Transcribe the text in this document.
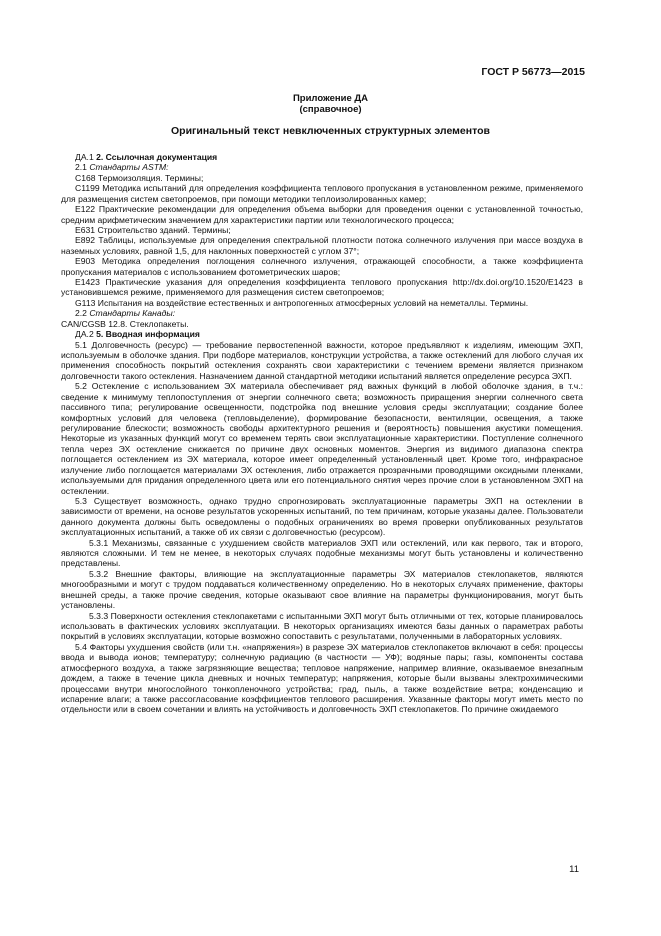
ГОСТ Р 56773—2015
Приложение ДА
(справочное)
Оригинальный текст невключенных структурных элементов

ДА.1 2. Ссылочная документация

2.1 Стандарты ASTM:

C168 Термоизоляция. Термины;

C1199 Методика испытаний для определения коэффициента теплового пропускания в установленном режиме, применяемого для размещения систем светопроемов, при помощи методики теплоизолированных камер;

E122 Практические рекомендации для определения объема выборки для проведения оценки с установленной точностью, средним арифметическим значением для характеристики партии или технологического процесса;

E631 Строительство зданий. Термины;

E892 Таблицы, используемые для определения спектральной плотности потока солнечного излучения при массе воздуха в наземных условиях, равной 1,5, для наклонных поверхностей с углом 37°;

E903 Методика определения поглощения солнечного излучения, отражающей способности, а также коэффициента пропускания материалов с использованием фотометрических шаров;

E1423 Практические указания для определения коэффициента теплового пропускания http://dx.doi.org/10.1520/E1423 в установившемся режиме, применяемого для размещения систем светопроемов;

G113 Испытания на воздействие естественных и антропогенных атмосферных условий на неметаллы. Термины.

2.2 Стандарты Канады:

CAN/CGSB 12.8. Стеклопакеты.

ДА.2 5. Вводная информация

5.1 Долговечность (ресурс) — требование первостепенной важности, которое предъявляют к изделиям, имеющим ЭХП, используемым в оболочке здания. При подборе материалов, конструкции устройства, а также остеклений для любого случая их применения способность покрытий остекления сохранять свои характеристики с течением времени является признаком долговечности такого остекления. Назначением данной стандартной методики испытаний является определение ресурса ЭХП.

5.2 Остекление с использованием ЭХ материала обеспечивает ряд важных функций в любой оболочке здания, в т.ч.: сведение к минимуму теплопоступления от энергии солнечного света; возможность приращения энергии солнечного света пассивного типа; регулирование освещенности, подстройка под внешние условия среды эксплуатации; создание более комфортных условий для человека (тепловыделение), формирование безопасности, вентиляции, освещения, а также регулирование блескости; возможность свободы архитектурного решения и (вероятность) повышения акустики помещения. Некоторые из указанных функций могут со временем терять свои эксплуатационные характеристики. Поступление солнечного тепла через ЭХ остекление снижается по причине двух основных моментов. Энергия из видимого диапазона спектра поглощается остеклением из ЭХ материала, которое имеет определенный установленный цвет. Кроме того, инфракрасное излучение либо поглощается материалами ЭХ остекления, либо отражается прозрачными проводящими оксидными пленками, используемыми для придания определенного цвета или его потенциального снятия через прочие слои в установленном ЭХП на остеклении.

5.3 Существует возможность, однако трудно спрогнозировать эксплуатационные параметры ЭХП на остеклении в зависимости от времени, на основе результатов ускоренных испытаний, по тем причинам, которые указаны далее. Пользователи данного документа должны быть осведомлены о подобных ограничениях во время проверки опубликованных результатов эксплуатационных испытаний, а также об их связи с долговечностью (ресурсом).

5.3.1 Механизмы, связанные с ухудшением свойств материалов ЭХП или остеклений, или как первого, так и второго, являются сложными. И тем не менее, в некоторых случаях подобные механизмы могут быть установлены и количественно представлены.

5.3.2 Внешние факторы, влияющие на эксплуатационные параметры ЭХ материалов стеклопакетов, являются многообразными и могут с трудом поддаваться количественному определению. Но в некоторых случаях применение, факторы внешней среды, а также прочие сведения, которые оказывают свое влияние на параметры функционирования, могут быть установлены.

5.3.3 Поверхности остекления стеклопакетами с испытанными ЭХП могут быть отличными от тех, которые планировалось использовать в фактических условиях эксплуатации. В некоторых организациях имеются базы данных о параметрах работы покрытий в условиях эксплуатации, которые возможно сопоставить с результатами, полученными в лабораторных условиях.

5.4 Факторы ухудшения свойств (или т.н. «напряжения») в разрезе ЭХ материалов стеклопакетов включают в себя: процессы ввода и вывода ионов; температуру; солнечную радиацию (в частности — УФ); водяные пары; газы, компоненты состава атмосферного воздуха, а также загрязняющие вещества; тепловое напряжение, например влияние, оказываемое внезапным дождем, а также в течение цикла дневных и ночных температур; напряжения, которые были вызваны электрохимическими процессами внутри многослойного тонкопленочного устройства; град, пыль, а также воздействие ветра; конденсацию и испарение влаги; а также рассогласование коэффициентов теплового расширения. Указанные факторы могут иметь место по отдельности или в своем сочетании и влиять на устойчивость и долговечность ЭХП стеклопакетов. По причине ожидаемого

11
